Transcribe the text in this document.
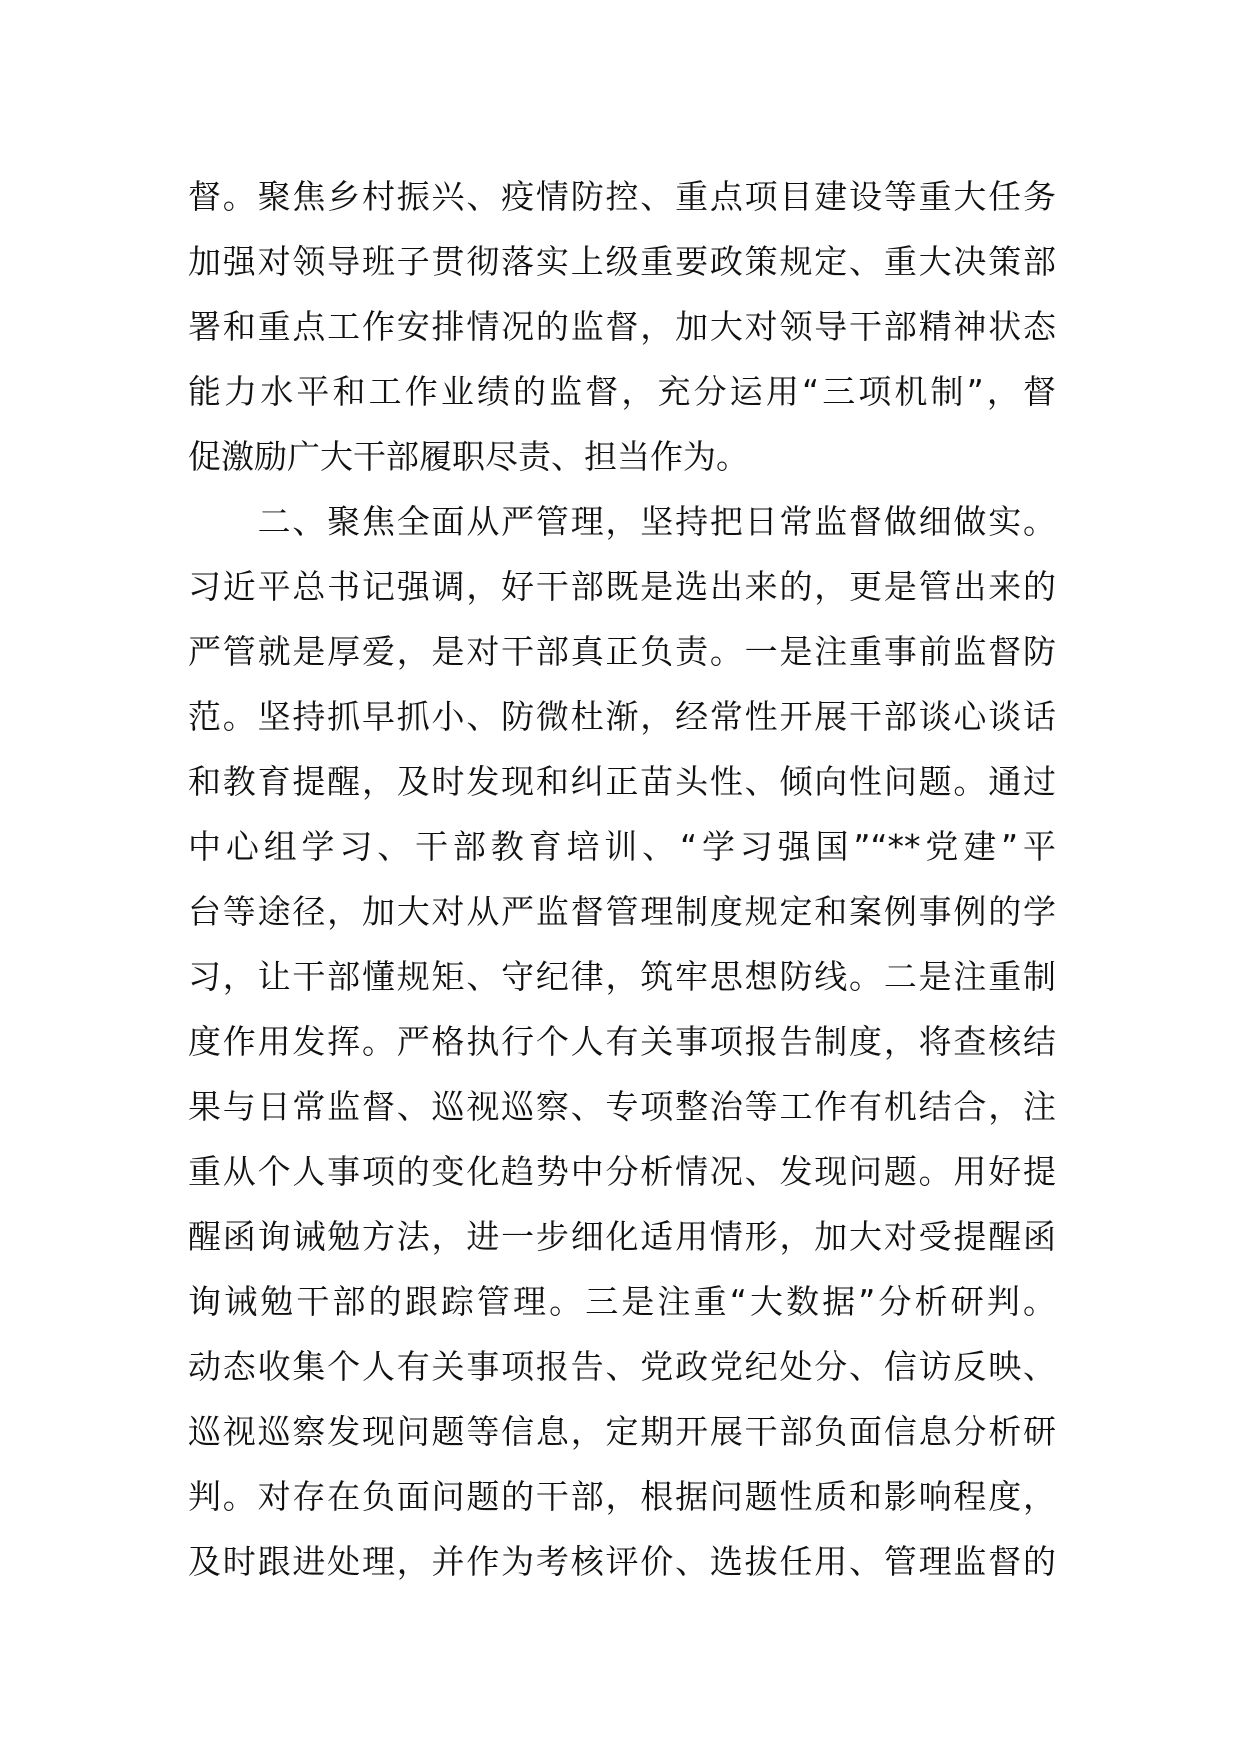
督。聚焦乡村振兴、疫情防控、重点项目建设等重大任务
加强对领导班子贯彻落实上级重要政策规定、重大决策部
署和重点工作安排情况的监督，加大对领导干部精神状态
能力水平和工作业绩的监督，充分运用“三项机制”，督
促激励广大干部履职尽责、担当作为。
　　二、聚焦全面从严管理，坚持把日常监督做细做实。
习近平总书记强调，好干部既是选出来的，更是管出来的
严管就是厚爱，是对干部真正负责。一是注重事前监督防
范。坚持抓早抓小、防微杜渐，经常性开展干部谈心谈话
和教育提醒，及时发现和纠正苗头性、倾向性问题。通过
中心组学习、干部教育培训、“学习强国”“**党建”平
台等途径，加大对从严监督管理制度规定和案例事例的学
习，让干部懂规矩、守纪律，筑牢思想防线。二是注重制
度作用发挥。严格执行个人有关事项报告制度，将查核结
果与日常监督、巡视巡察、专项整治等工作有机结合，注
重从个人事项的变化趋势中分析情况、发现问题。用好提
醒函询诫勉方法，进一步细化适用情形，加大对受提醒函
询诫勉干部的跟踪管理。三是注重“大数据”分析研判。
动态收集个人有关事项报告、党政党纪处分、信访反映、
巡视巡察发现问题等信息，定期开展干部负面信息分析研
判。对存在负面问题的干部，根据问题性质和影响程度，
及时跟进处理，并作为考核评价、选拔任用、管理监督的
